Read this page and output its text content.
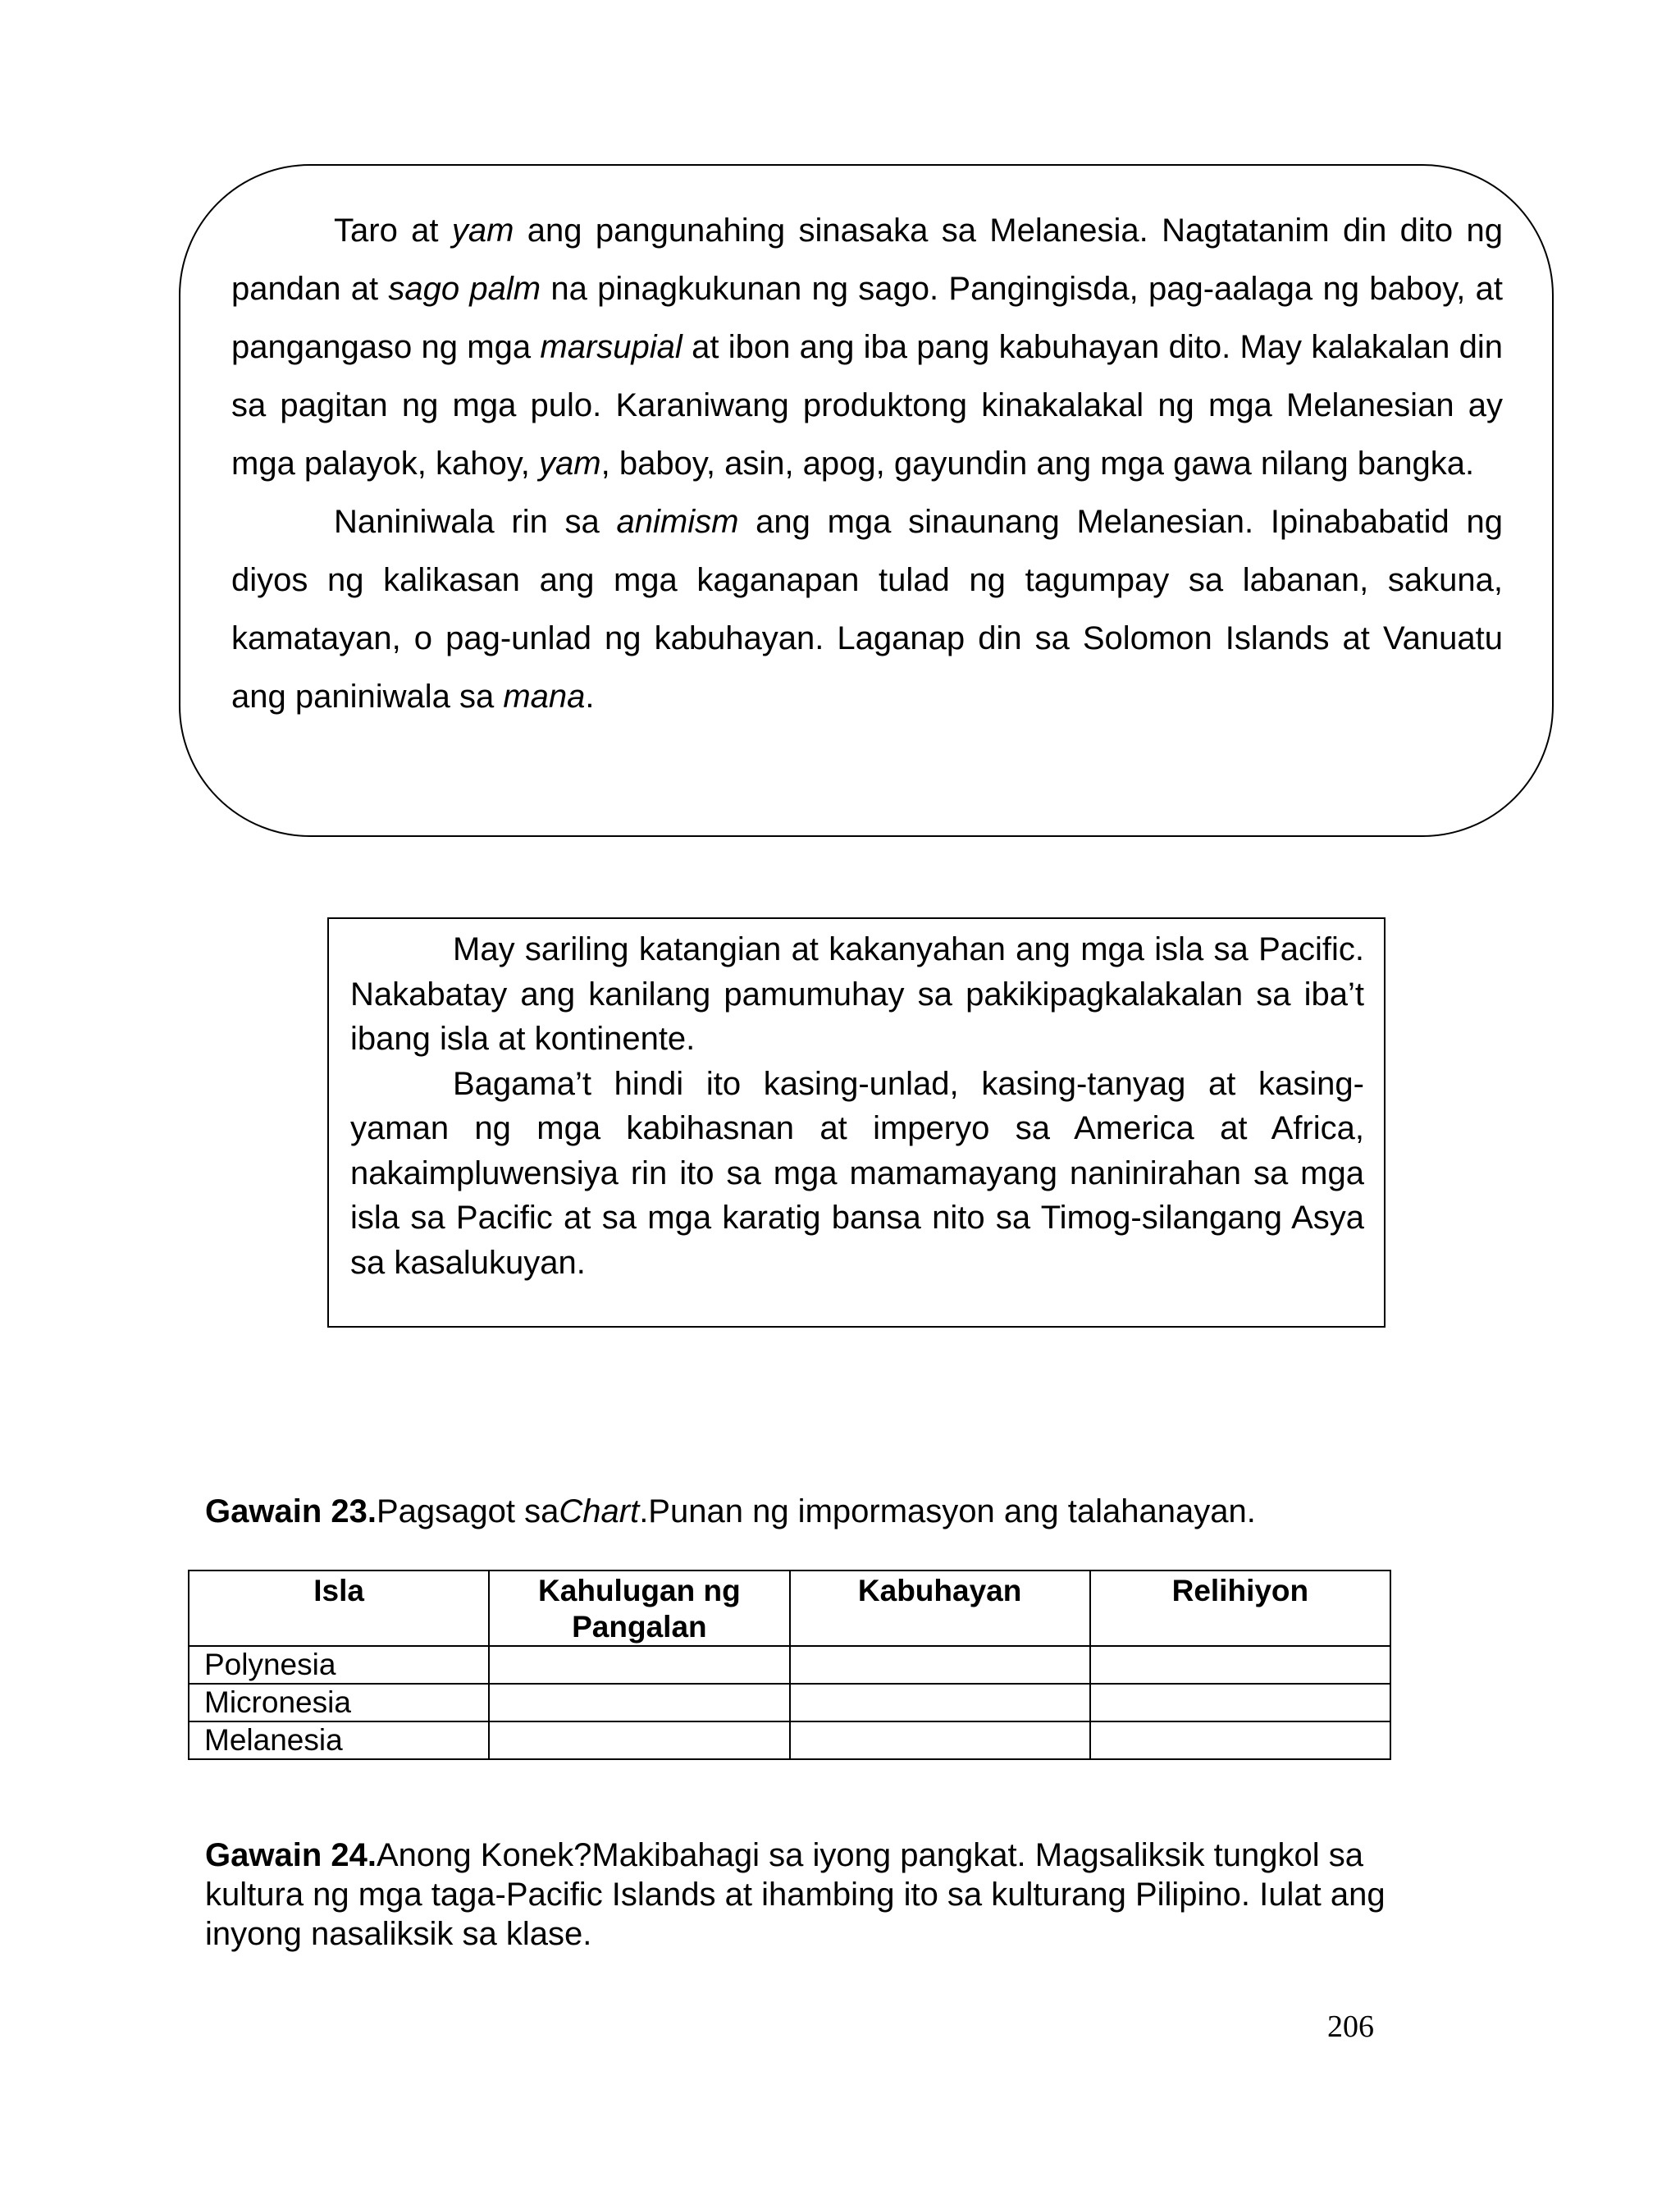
Taro at yam ang pangunahing sinasaka sa Melanesia. Nagtatanim din dito ng pandan at sago palm na pinagkukunan ng sago. Pangingisda, pag-aalaga ng baboy, at pangangaso ng mga marsupial at ibon ang iba pang kabuhayan dito. May kalakalan din sa pagitan ng mga pulo. Karaniwang produktong kinakalakal ng mga Melanesian ay mga palayok, kahoy, yam, baboy, asin, apog, gayundin ang mga gawa nilang bangka.

Naniniwala rin sa animism ang mga sinaunang Melanesian. Ipinababatid ng diyos ng kalikasan ang mga kaganapan tulad ng tagumpay sa labanan, sakuna, kamatayan, o pag-unlad ng kabuhayan. Laganap din sa Solomon Islands at Vanuatu ang paniniwala sa mana.

May sariling katangian at kakanyahan ang mga isla sa Pacific. Nakabatay ang kanilang pamumuhay sa pakikipagkalakalan sa iba’t ibang isla at kontinente.

Bagama’t hindi ito kasing-unlad, kasing-tanyag at kasing-yaman ng mga kabihasnan at imperyo sa America at Africa, nakaimpluwensiya rin ito sa mga mamamayang naninirahan sa mga isla sa Pacific at sa mga karatig bansa nito sa Timog-silangang Asya sa kasalukuyan.

Gawain 23.Pagsagot saChart.Punan ng impormasyon ang talahanayan.
Isla	Kahulugan ng Pangalan	Kabuhayan	Relihiyon
Polynesia			
Micronesia			
Melanesia			
Gawain 24.Anong Konek?Makibahagi sa iyong pangkat. Magsaliksik tungkol sa kultura ng mga taga-Pacific Islands at ihambing ito sa kulturang Pilipino. Iulat ang inyong nasaliksik sa klase.
206
